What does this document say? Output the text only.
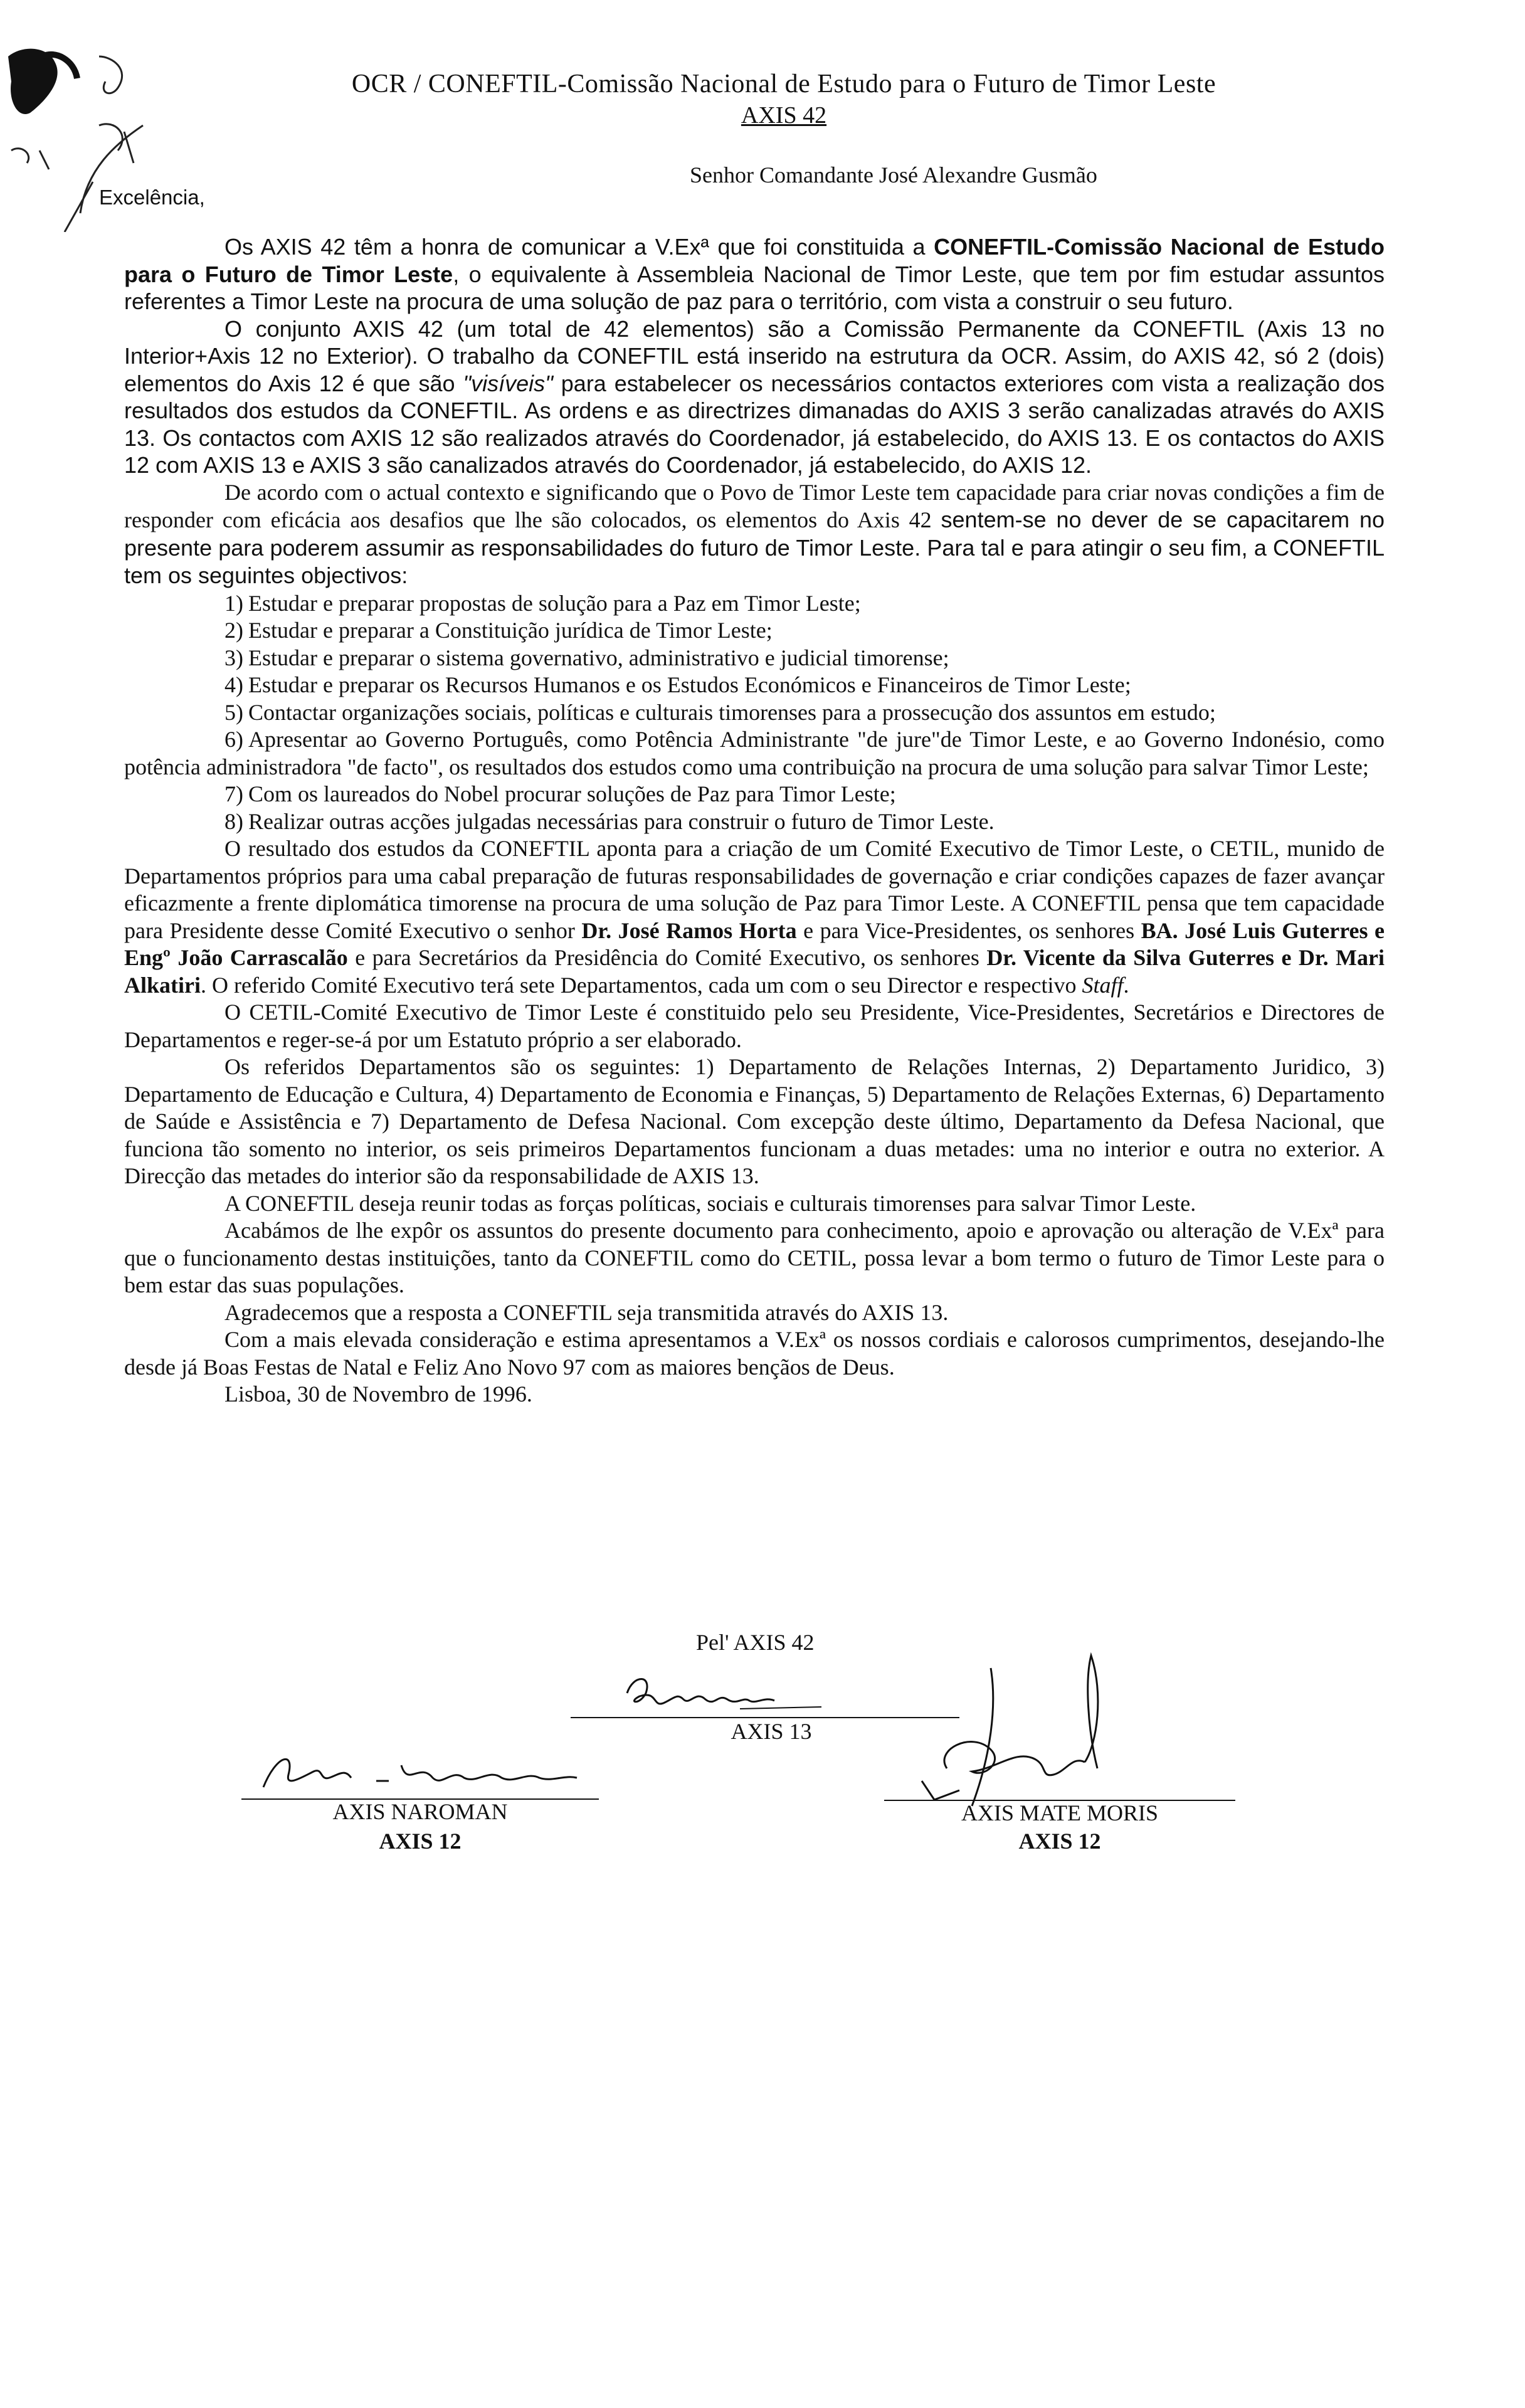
OCR / CONEFTIL-Comissão Nacional de Estudo para o Futuro de Timor Leste
AXIS 42
Senhor Comandante José Alexandre Gusmão
Excelência,

Os AXIS 42 têm a honra de comunicar a V.Exª que foi constituida a CONEFTIL-Comissão Nacional de Estudo para o Futuro de Timor Leste, o equivalente à Assembleia Nacional de Timor Leste, que tem por fim estudar assuntos referentes a Timor Leste na procura de uma solução de paz para o território, com vista a construir o seu futuro.

O conjunto AXIS 42 (um total de 42 elementos) são a Comissão Permanente da CONEFTIL (Axis 13 no Interior+Axis 12 no Exterior). O trabalho da CONEFTIL está inserido na estrutura da OCR. Assim, do AXIS 42, só 2 (dois) elementos do Axis 12 é que são "visíveis" para estabelecer os necessários contactos exteriores com vista a realização dos resultados dos estudos da CONEFTIL. As ordens e as directrizes dimanadas do AXIS 3 serão canalizadas através do AXIS 13. Os contactos com AXIS 12 são realizados através do Coordenador, já estabelecido, do AXIS 13. E os contactos do AXIS 12 com AXIS 13 e AXIS 3 são canalizados através do Coordenador, já estabelecido, do AXIS 12.

De acordo com o actual contexto e significando que o Povo de Timor Leste tem capacidade para criar novas condições a fim de responder com eficácia aos desafios que lhe são colocados, os elementos do Axis 42 sentem-se no dever de se capacitarem no presente para poderem assumir as responsabilidades do futuro de Timor Leste. Para tal e para atingir o seu fim, a CONEFTIL tem os seguintes objectivos:

1) Estudar e preparar propostas de solução para a Paz em Timor Leste;
2) Estudar e preparar a Constituição jurídica de Timor Leste;
3) Estudar e preparar o sistema governativo, administrativo e judicial timorense;
4) Estudar e preparar os Recursos Humanos e os Estudos Económicos e Financeiros de Timor Leste;
5) Contactar organizações sociais, políticas e culturais timorenses para a prossecução dos assuntos em estudo;
6) Apresentar ao Governo Português, como Potência Administrante "de jure"de Timor Leste, e ao Governo Indonésio, como potência administradora "de facto", os resultados dos estudos como uma contribuição na procura de uma solução para salvar Timor Leste;
7) Com os laureados do Nobel procurar soluções de Paz para Timor Leste;
8) Realizar outras acções julgadas necessárias para construir o futuro de Timor Leste.

O resultado dos estudos da CONEFTIL aponta para a criação de um Comité Executivo de Timor Leste, o CETIL, munido de Departamentos próprios para uma cabal preparação de futuras responsabilidades de governação e criar condições capazes de fazer avançar eficazmente a frente diplomática timorense na procura de uma solução de Paz para Timor Leste. A CONEFTIL pensa que tem capacidade para Presidente desse Comité Executivo o senhor Dr. José Ramos Horta e para Vice-Presidentes, os senhores BA. José Luis Guterres e Engº João Carrascalão e para Secretários da Presidência do Comité Executivo, os senhores Dr. Vicente da Silva Guterres e Dr. Mari Alkatiri. O referido Comité Executivo terá sete Departamentos, cada um com o seu Director e respectivo Staff.

O CETIL-Comité Executivo de Timor Leste é constituido pelo seu Presidente, Vice-Presidentes, Secretários e Directores de Departamentos e reger-se-á por um Estatuto próprio a ser elaborado.

Os referidos Departamentos são os seguintes: 1) Departamento de Relações Internas, 2) Departamento Juridico, 3) Departamento de Educação e Cultura, 4) Departamento de Economia e Finanças, 5) Departamento de Relações Externas, 6) Departamento de Saúde e Assistência e 7) Departamento de Defesa Nacional. Com excepção deste último, Departamento da Defesa Nacional, que funciona tão somento no interior, os seis primeiros Departamentos funcionam a duas metades: uma no interior e outra no exterior. A Direcção das metades do interior são da responsabilidade de AXIS 13.

A CONEFTIL deseja reunir todas as forças políticas, sociais e culturais timorenses para salvar Timor Leste.

Acabámos de lhe expôr os assuntos do presente documento para conhecimento, apoio e aprovação ou alteração de V.Exª para que o funcionamento destas instituições, tanto da CONEFTIL como do CETIL, possa levar a bom termo o futuro de Timor Leste para o bem estar das suas populações.

Agradecemos que a resposta a CONEFTIL seja transmitida através do AXIS 13.

Com a mais elevada consideração e estima apresentamos a V.Exª os nossos cordiais e calorosos cumprimentos, desejando-lhe desde já Boas Festas de Natal e Feliz Ano Novo 97 com as maiores bençãos de Deus.

Lisboa, 30 de Novembro de 1996.

Pel' AXIS 42
AXIS 13
AXIS NAROMAN
AXIS 12
AXIS MATE MORIS
AXIS 12
